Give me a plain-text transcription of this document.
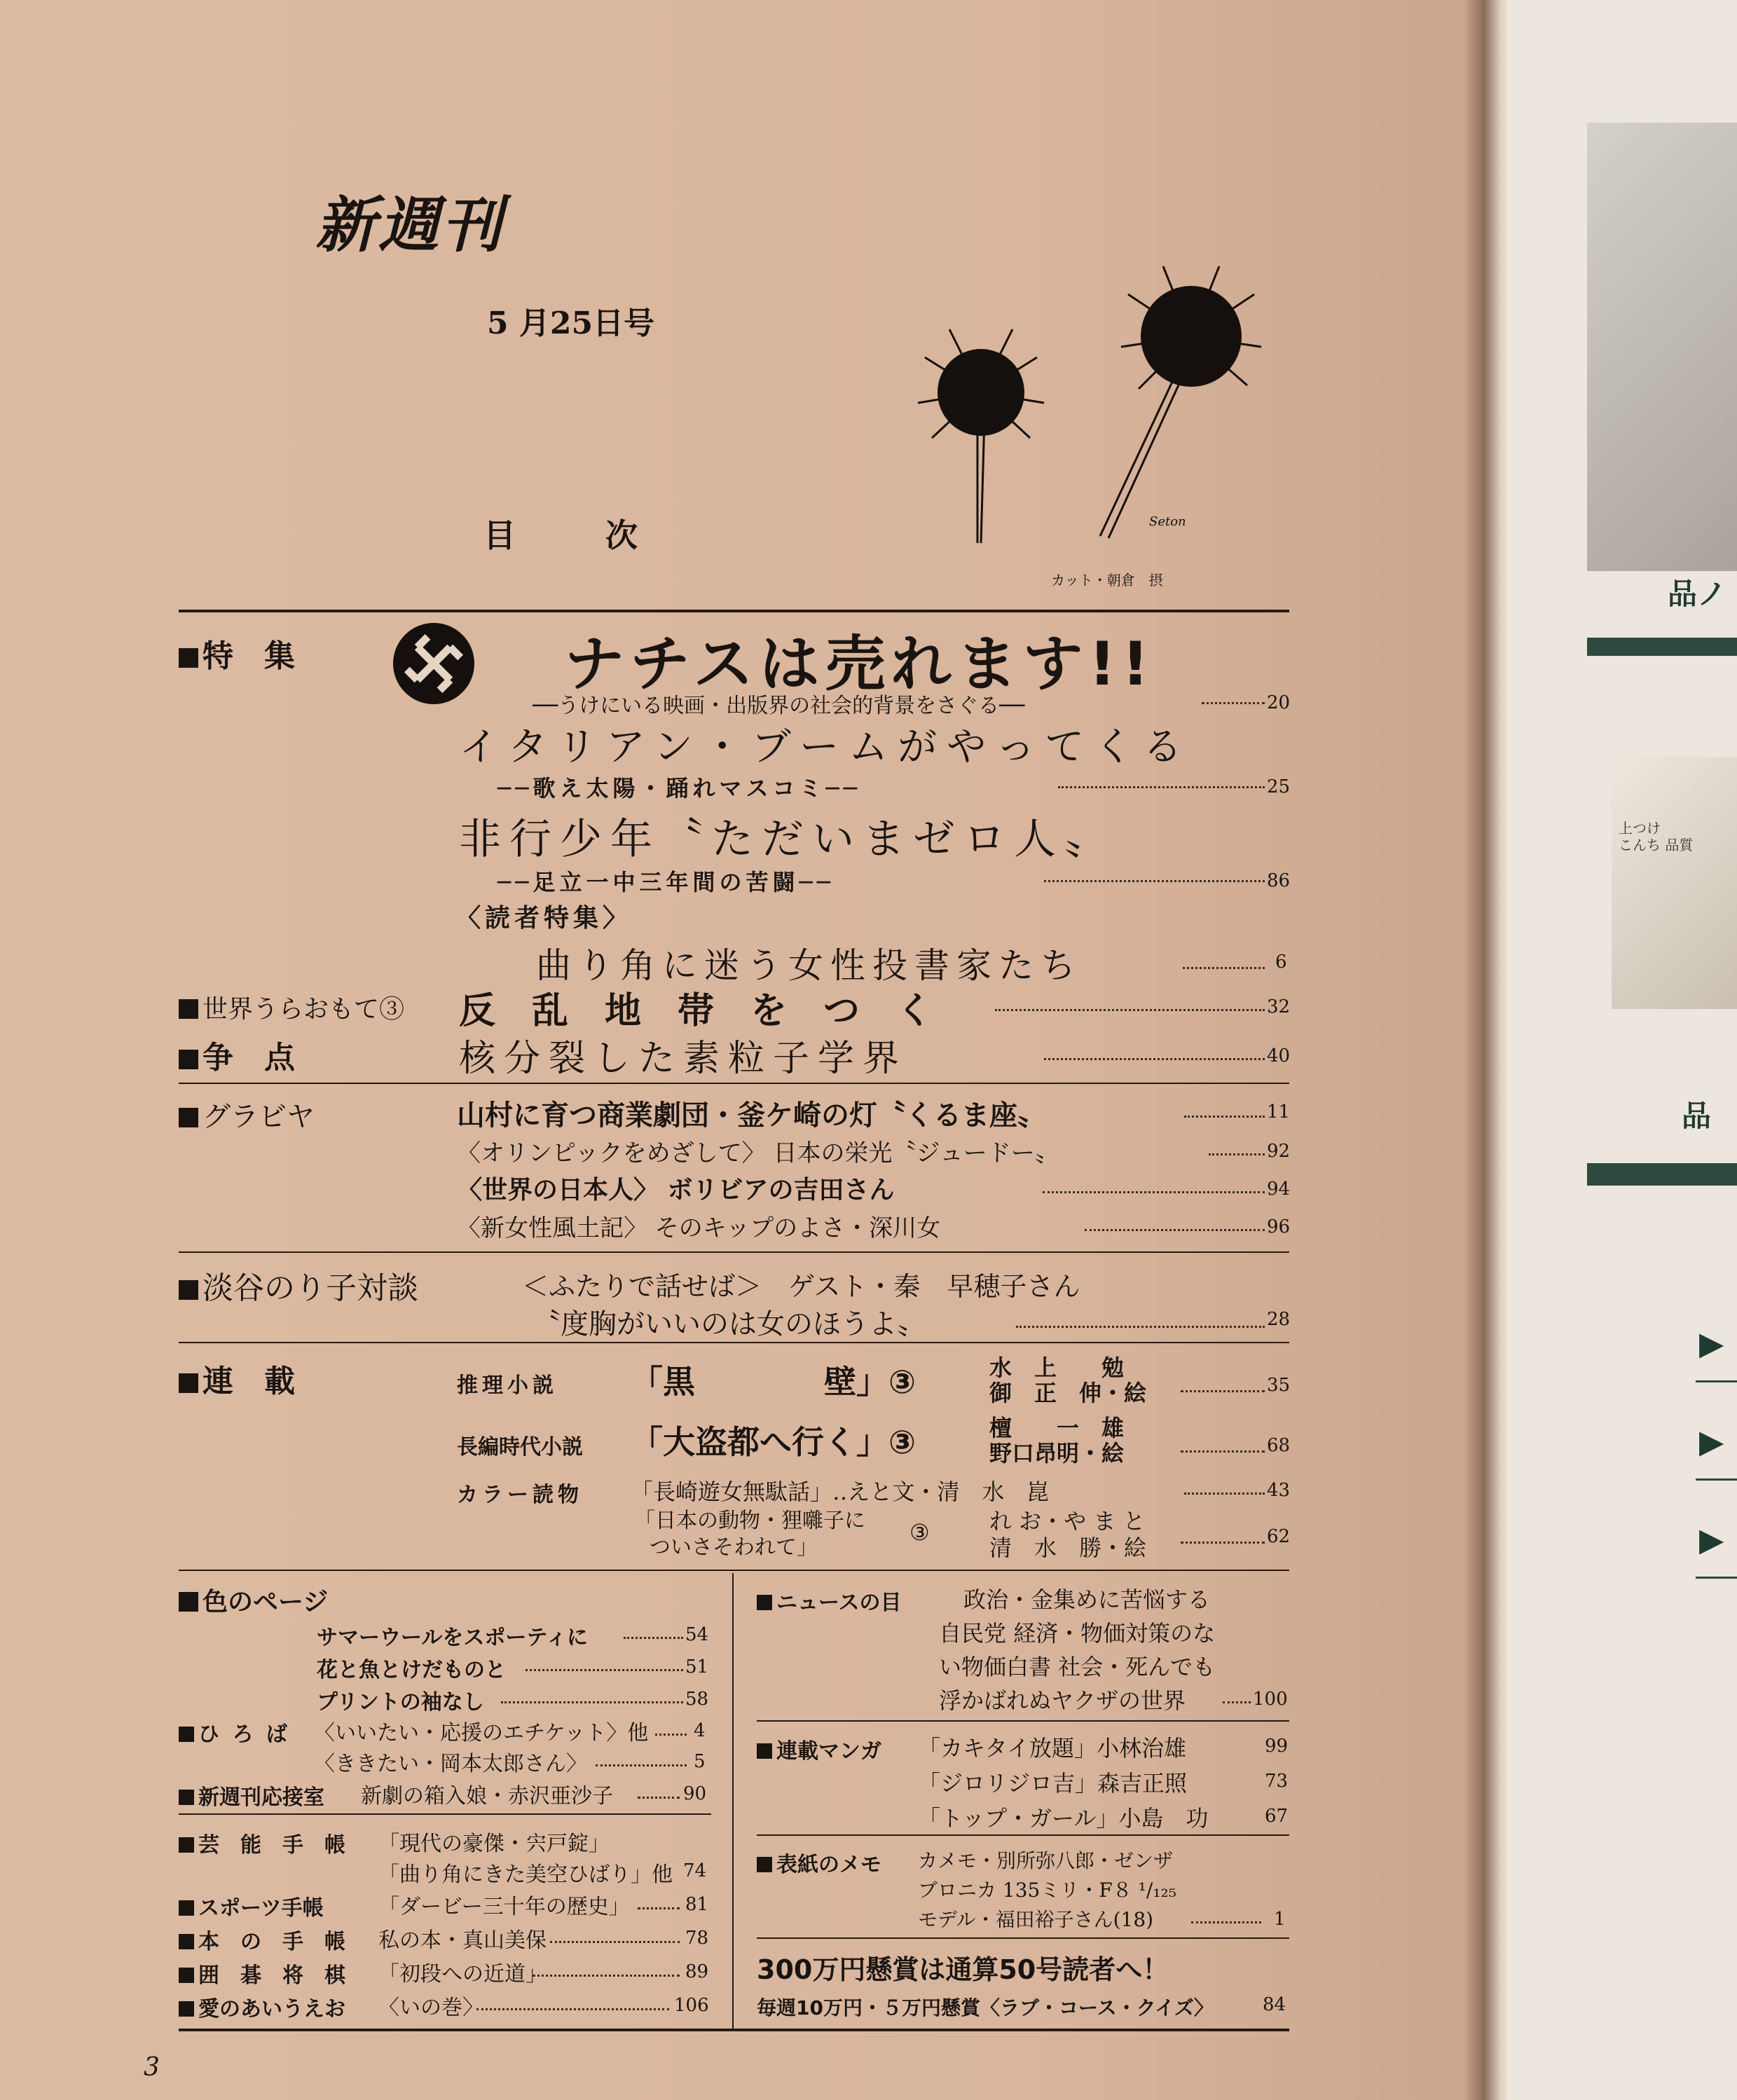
新週刊
5 月25日号
目　　次	Seton
カット・朝倉　摂
特　集	ナチスは売れます!!
──うけにいる映画・出版界の社会的背景をさぐる──	20
イタリアン・ブームがやってくる
──歌え太陽・踊れマスコミ──	25
非行少年〝ただいまゼロ人〟
──足立一中三年間の苦闘──	86
〈読者特集〉
曲り角に迷う女性投書家たち	6
世界うらおもて③ 反　乱　地　帯　を　つ　く	32
争　点	核分裂した素粒子学界	40
グラビヤ	山村に育つ商業劇団・釜ケ崎の灯〝くるま座〟	11
〈オリンピックをめざして〉 日本の栄光〝ジュードー〟	92
〈世界の日本人〉 ボリビアの吉田さん	94
〈新女性風土記〉 そのキップのよさ・深川女	96
淡谷のり子対談	＜ふたりで話せば＞　ゲスト・秦　早穂子さん
〝度胸がいいのは女のほうよ〟	28
連　載	推理小説 「黒　　　　壁」③	水　上　　勉
御　正　伸・絵	35
長編時代小説 「大盗都へ行く」③	檀　　一　雄
野口昂明・絵	68
カラー読物 「長崎遊女無駄話」‥えと文・清　水　崑	43
「日本の動物・狸囃子に
ついさそわれて」
③	れ お・や ま と
清　水　勝・絵	62
色のページ
サマーウールをスポーティに	54
花と魚とけだものと	51
プリントの袖なし	58
ひ ろ ば 〈いいたい・応援のエチケット〉他 4
〈ききたい・岡本太郎さん〉	5
新週刊応接室 新劇の箱入娘・赤沢亜沙子	90
芸　能　手　帳 「現代の豪傑・宍戸錠」
「曲り角にきた美空ひばり」他 74
スポーツ手帳	「ダービー三十年の歴史」	81
本　の　手　帳 私の本・真山美保	78
囲　碁　将　棋 「初段への近道」	89
愛のあいうえお 〈いの巻〉	106
ニュースの目	政治・金集めに苦悩する
自民党 経済・物価対策のな
い物価白書 社会・死んでも
浮かばれぬヤクザの世界	100
連載マンガ 「カキタイ放題」小林治雄	99
「ジロリジロ吉」森吉正照	73
「トップ・ガール」小島　功	67
表紙のメモ カメモ・別所弥八郎・ゼンザ
ブロニカ 135ミリ・F８ ¹/₁₂₅
モデル・福田裕子さん(18)	1
300万円懸賞は通算50号読者へ！
毎週10万円・５万円懸賞〈ラブ・コース・クイズ〉	84
3
品ノ
上つけ
こんち 品質
品
▶
▶
▶
